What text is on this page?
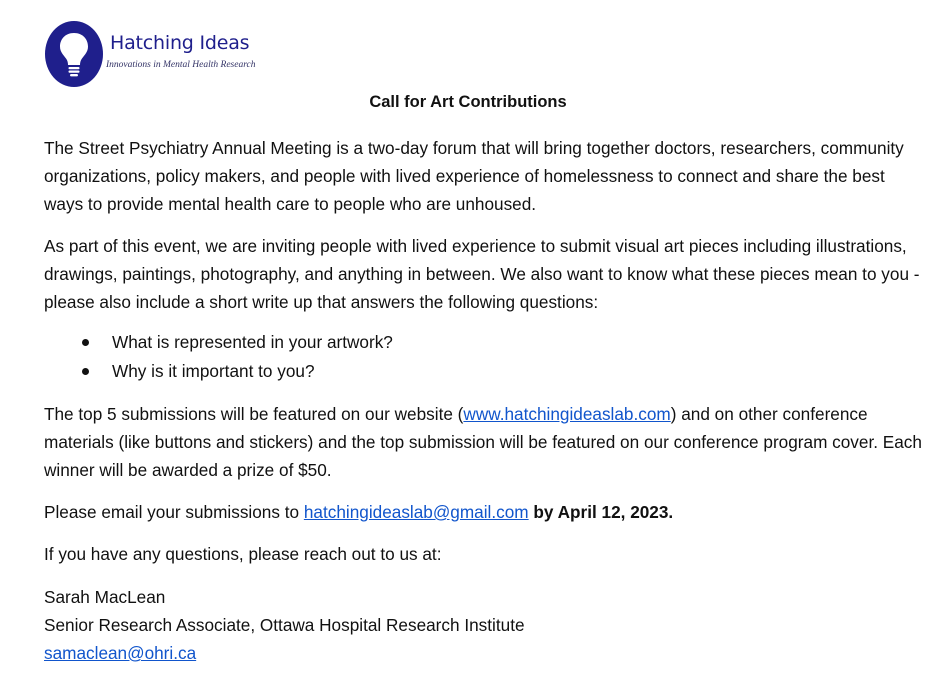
Hatching Ideas
Innovations in Mental Health Research
Call for Art Contributions

The Street Psychiatry Annual Meeting is a two-day forum that will bring together doctors, researchers, community organizations, policy makers, and people with lived experience of homelessness to connect and share the best ways to provide mental health care to people who are unhoused.

As part of this event, we are inviting people with lived experience to submit visual art pieces including illustrations, drawings, paintings, photography, and anything in between. We also want to know what these pieces mean to you - please also include a short write up that answers the following questions:

What is represented in your artwork?
Why is it important to you?

The top 5 submissions will be featured on our website (www.hatchingideaslab.com) and on other conference materials (like buttons and stickers) and the top submission will be featured on our conference program cover. Each winner will be awarded a prize of $50.

Please email your submissions to hatchingideaslab@gmail.com by April 12, 2023.

If you have any questions, please reach out to us at:

Sarah MacLean
Senior Research Associate, Ottawa Hospital Research Institute
samaclean@ohri.ca
